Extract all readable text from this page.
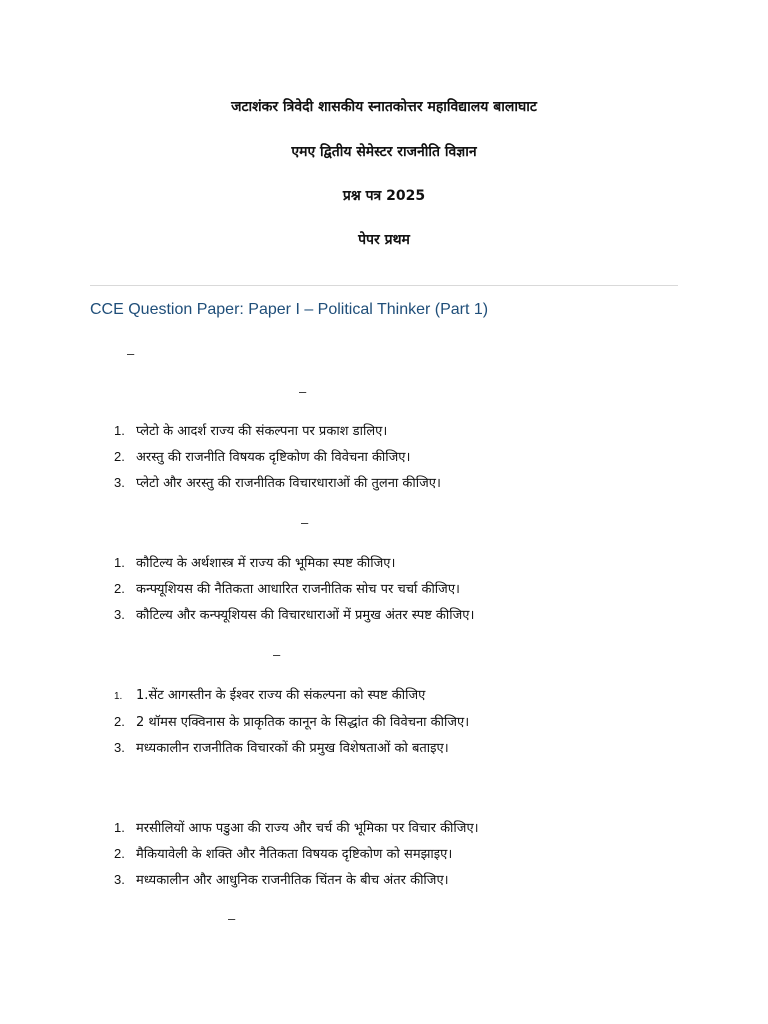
जटाशंकर त्रिवेदी शासकीय स्नातकोत्तर महाविद्यालय बालाघाट
एमए द्वितीय सेमेस्टर राजनीति विज्ञान
प्रश्न पत्र 2025
पेपर प्रथम
CCE Question Paper: Paper I – Political Thinker (Part 1)
–
–
1. प्लेटो के आदर्श राज्य की संकल्पना पर प्रकाश डालिए।
2. अरस्तु की राजनीति विषयक दृष्टिकोण की विवेचना कीजिए।
3. प्लेटो और अरस्तु की राजनीतिक विचारधाराओं की तुलना कीजिए।
–
1. कौटिल्य के अर्थशास्त्र में राज्य की भूमिका स्पष्ट कीजिए।
2. कन्फ्यूशियस की नैतिकता आधारित राजनीतिक सोच पर चर्चा कीजिए।
3. कौटिल्य और कन्फ्यूशियस की विचारधाराओं में प्रमुख अंतर स्पष्ट कीजिए।
–
1. 1.सेंट आगस्तीन के ईश्वर राज्य की संकल्पना को स्पष्ट कीजिए
2. 2 थॉमस एक्विनास के प्राकृतिक कानून के सिद्धांत की विवेचना कीजिए।
3. मध्यकालीन राजनीतिक विचारकों की प्रमुख विशेषताओं को बताइए।
1. मरसीलियों आफ पडुआ की राज्य और चर्च की भूमिका पर विचार कीजिए।
2. मैकियावेली के शक्ति और नैतिकता विषयक दृष्टिकोण को समझाइए।
3. मध्यकालीन और आधुनिक राजनीतिक चिंतन के बीच अंतर कीजिए।
–
